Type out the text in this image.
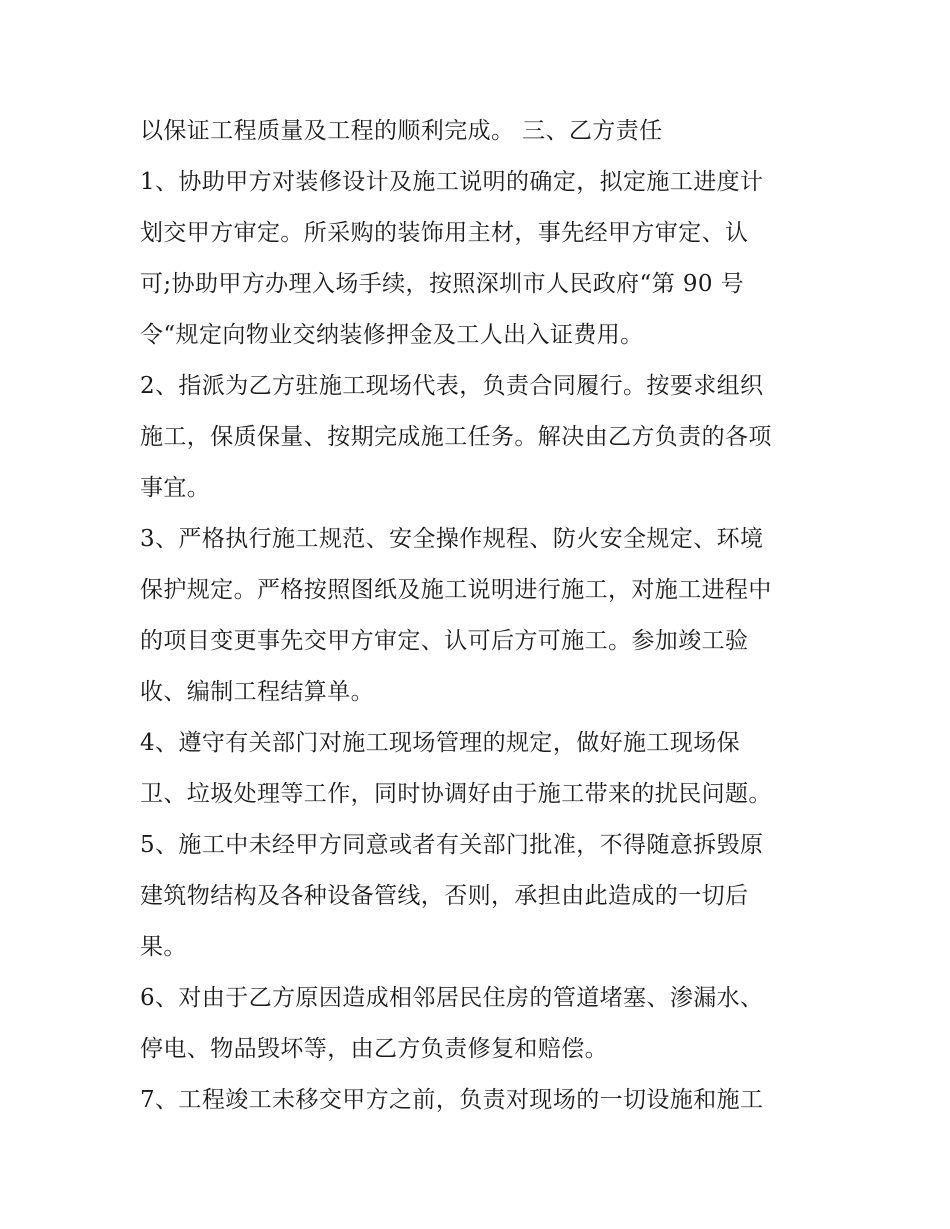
以保证工程质量及工程的顺利完成。 三、乙方责任
1、协助甲方对装修设计及施工说明的确定，拟定施工进度计
划交甲方审定。所采购的装饰用主材，事先经甲方审定、认
可;协助甲方办理入场手续，按照深圳市人民政府“第 90 号
令“规定向物业交纳装修押金及工人出入证费用。
2、指派为乙方驻施工现场代表，负责合同履行。按要求组织
施工，保质保量、按期完成施工任务。解决由乙方负责的各项
事宜。
3、严格执行施工规范、安全操作规程、防火安全规定、环境
保护规定。严格按照图纸及施工说明进行施工，对施工进程中
的项目变更事先交甲方审定、认可后方可施工。参加竣工验
收、编制工程结算单。
4、遵守有关部门对施工现场管理的规定，做好施工现场保
卫、垃圾处理等工作，同时协调好由于施工带来的扰民问题。
5、施工中未经甲方同意或者有关部门批准，不得随意拆毁原
建筑物结构及各种设备管线，否则，承担由此造成的一切后
果。
6、对由于乙方原因造成相邻居民住房的管道堵塞、渗漏水、
停电、物品毁坏等，由乙方负责修复和赔偿。
7、工程竣工未移交甲方之前，负责对现场的一切设施和施工
